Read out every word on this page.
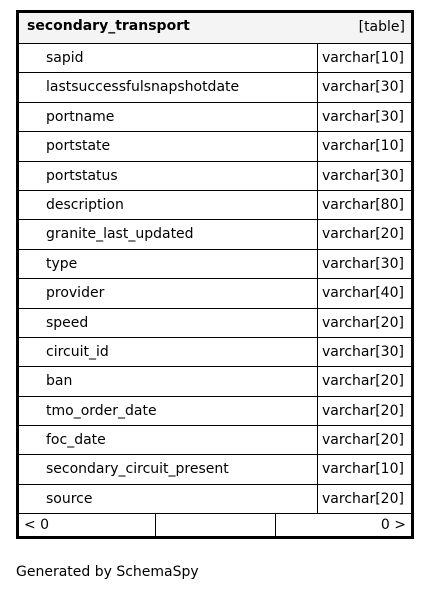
secondary_transport	[table]
sapid	varchar[10]
lastsuccessfulsnapshotdate	varchar[30]
portname	varchar[30]
portstate	varchar[10]
portstatus	varchar[30]
description	varchar[80]
granite_last_updated	varchar[20]
type	varchar[30]
provider	varchar[40]
speed	varchar[20]
circuit_id	varchar[30]
ban	varchar[20]
tmo_order_date	varchar[20]
foc_date	varchar[20]
secondary_circuit_present	varchar[10]
source	varchar[20]
< 0	0 >
Generated by SchemaSpy
